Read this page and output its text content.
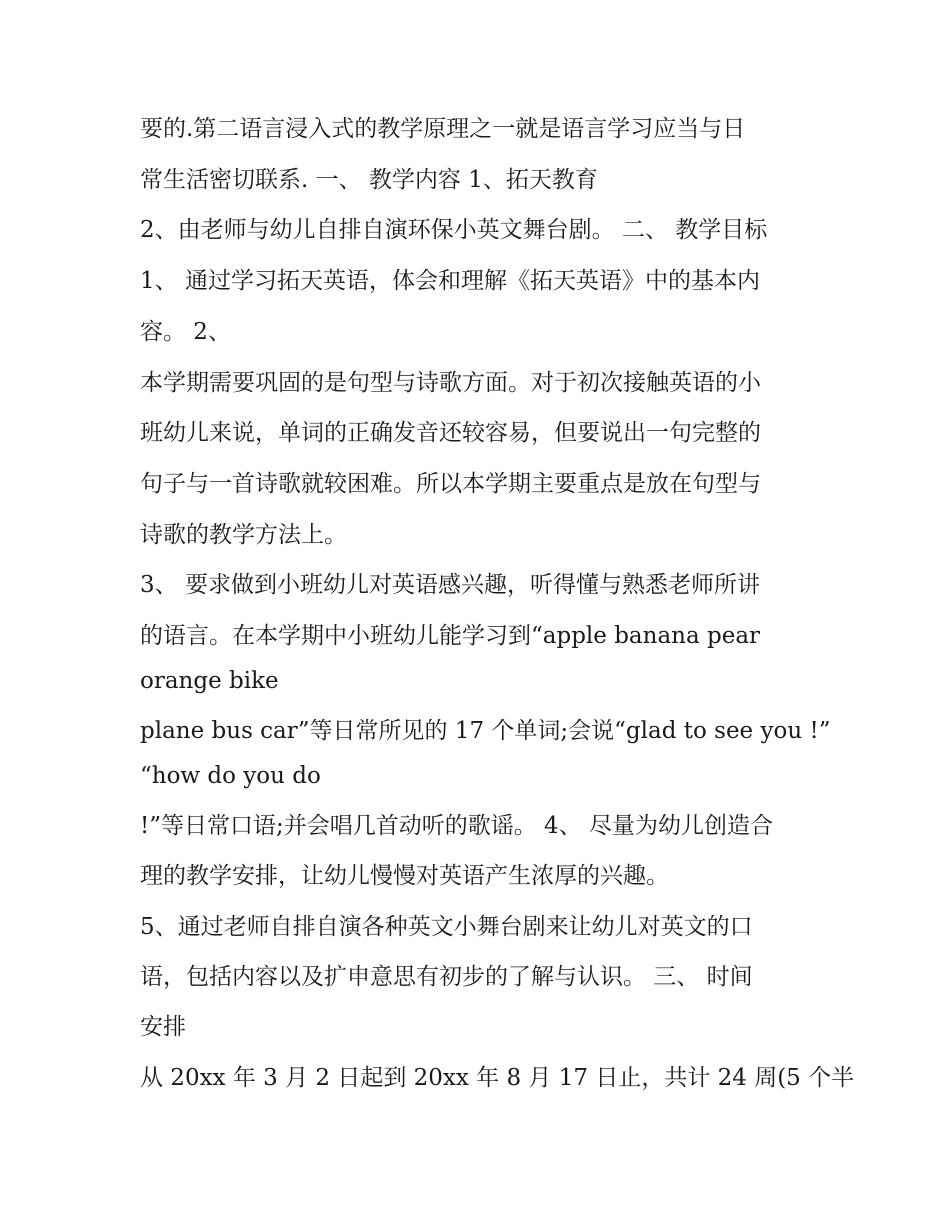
要的.第二语言浸入式的教学原理之一就是语言学习应当与日
常生活密切联系. 一、 教学内容 1、拓天教育
2、由老师与幼儿自排自演环保小英文舞台剧。 二、 教学目标
1、 通过学习拓天英语，体会和理解《拓天英语》中的基本内
容。 2、
本学期需要巩固的是句型与诗歌方面。对于初次接触英语的小
班幼儿来说，单词的正确发音还较容易，但要说出一句完整的
句子与一首诗歌就较困难。所以本学期主要重点是放在句型与
诗歌的教学方法上。
3、 要求做到小班幼儿对英语感兴趣，听得懂与熟悉老师所讲
的语言。在本学期中小班幼儿能学习到“apple banana pear
orange bike
plane bus car”等日常所见的 17 个单词;会说“glad to see you !”
“how do you do
!”等日常口语;并会唱几首动听的歌谣。 4、 尽量为幼儿创造合
理的教学安排，让幼儿慢慢对英语产生浓厚的兴趣。
5、通过老师自排自演各种英文小舞台剧来让幼儿对英文的口
语，包括内容以及扩申意思有初步的了解与认识。 三、 时间
安排
从 20xx 年 3 月 2 日起到 20xx 年 8 月 17 日止，共计 24 周(5 个半
